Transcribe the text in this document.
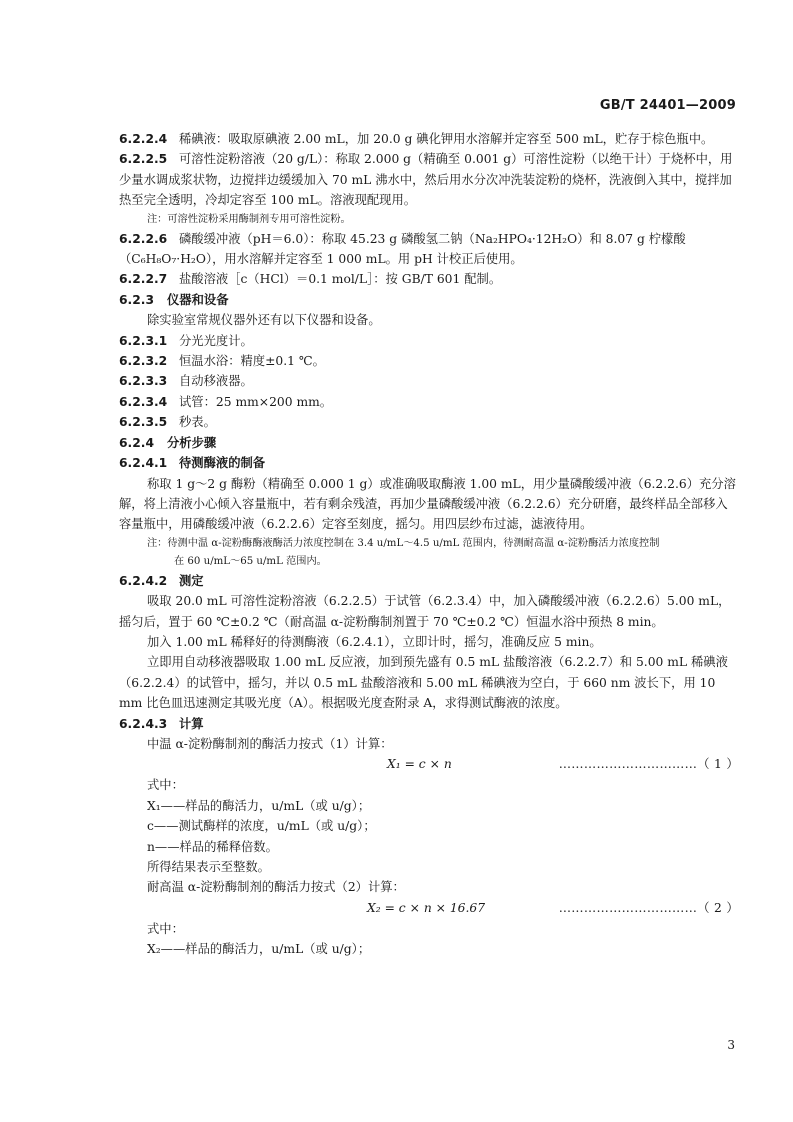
GB/T 24401—2009

6.2.2.4 稀碘液：吸取原碘液 2.00 mL，加 20.0 g 碘化钾用水溶解并定容至 500 mL，贮存于棕色瓶中。

6.2.2.5 可溶性淀粉溶液（20 g/L）：称取 2.000 g（精确至 0.001 g）可溶性淀粉（以绝干计）于烧杯中，用少量水调成浆状物，边搅拌边缓缓加入 70 mL 沸水中，然后用水分次冲洗装淀粉的烧杯，洗液倒入其中，搅拌加热至完全透明，冷却定容至 100 mL。溶液现配现用。

注：可溶性淀粉采用酶制剂专用可溶性淀粉。

6.2.2.6 磷酸缓冲液（pH＝6.0）：称取 45.23 g 磷酸氢二钠（Na₂HPO₄·12H₂O）和 8.07 g 柠檬酸（C₆H₈O₇·H₂O），用水溶解并定容至 1 000 mL。用 pH 计校正后使用。

6.2.2.7 盐酸溶液［c（HCl）＝0.1 mol/L］：按 GB/T 601 配制。

6.2.3 仪器和设备

除实验室常规仪器外还有以下仪器和设备。

6.2.3.1 分光光度计。

6.2.3.2 恒温水浴：精度±0.1 ℃。

6.2.3.3 自动移液器。

6.2.3.4 试管：25 mm×200 mm。

6.2.3.5 秒表。

6.2.4 分析步骤

6.2.4.1 待测酶液的制备

称取 1 g～2 g 酶粉（精确至 0.000 1 g）或准确吸取酶液 1.00 mL，用少量磷酸缓冲液（6.2.2.6）充分溶解，将上清液小心倾入容量瓶中，若有剩余残渣，再加少量磷酸缓冲液（6.2.2.6）充分研磨，最终样品全部移入容量瓶中，用磷酸缓冲液（6.2.2.6）定容至刻度，摇匀。用四层纱布过滤，滤液待用。

注：待测中温 α-淀粉酶酶液酶活力浓度控制在 3.4 u/mL～4.5 u/mL 范围内，待测耐高温 α-淀粉酶活力浓度控制

在 60 u/mL～65 u/mL 范围内。

6.2.4.2 测定

吸取 20.0 mL 可溶性淀粉溶液（6.2.2.5）于试管（6.2.3.4）中，加入磷酸缓冲液（6.2.2.6）5.00 mL，摇匀后，置于 60 ℃±0.2 ℃（耐高温 α-淀粉酶制剂置于 70 ℃±0.2 ℃）恒温水浴中预热 8 min。

加入 1.00 mL 稀释好的待测酶液（6.2.4.1），立即计时，摇匀，准确反应 5 min。

立即用自动移液器吸取 1.00 mL 反应液，加到预先盛有 0.5 mL 盐酸溶液（6.2.2.7）和 5.00 mL 稀碘液（6.2.2.4）的试管中，摇匀，并以 0.5 mL 盐酸溶液和 5.00 mL 稀碘液为空白，于 660 nm 波长下，用 10 mm 比色皿迅速测定其吸光度（A）。根据吸光度查附录 A，求得测试酶液的浓度。

6.2.4.3 计算

中温 α-淀粉酶制剂的酶活力按式（1）计算：

X₁ = c × n	……………………………（ 1 ）

式中：

X₁——样品的酶活力，u/mL（或 u/g）；

c——测试酶样的浓度，u/mL（或 u/g）；

n——样品的稀释倍数。

所得结果表示至整数。

耐高温 α-淀粉酶制剂的酶活力按式（2）计算：

X₂ = c × n × 16.67	……………………………（ 2 ）

式中：

X₂——样品的酶活力，u/mL（或 u/g）；

3
